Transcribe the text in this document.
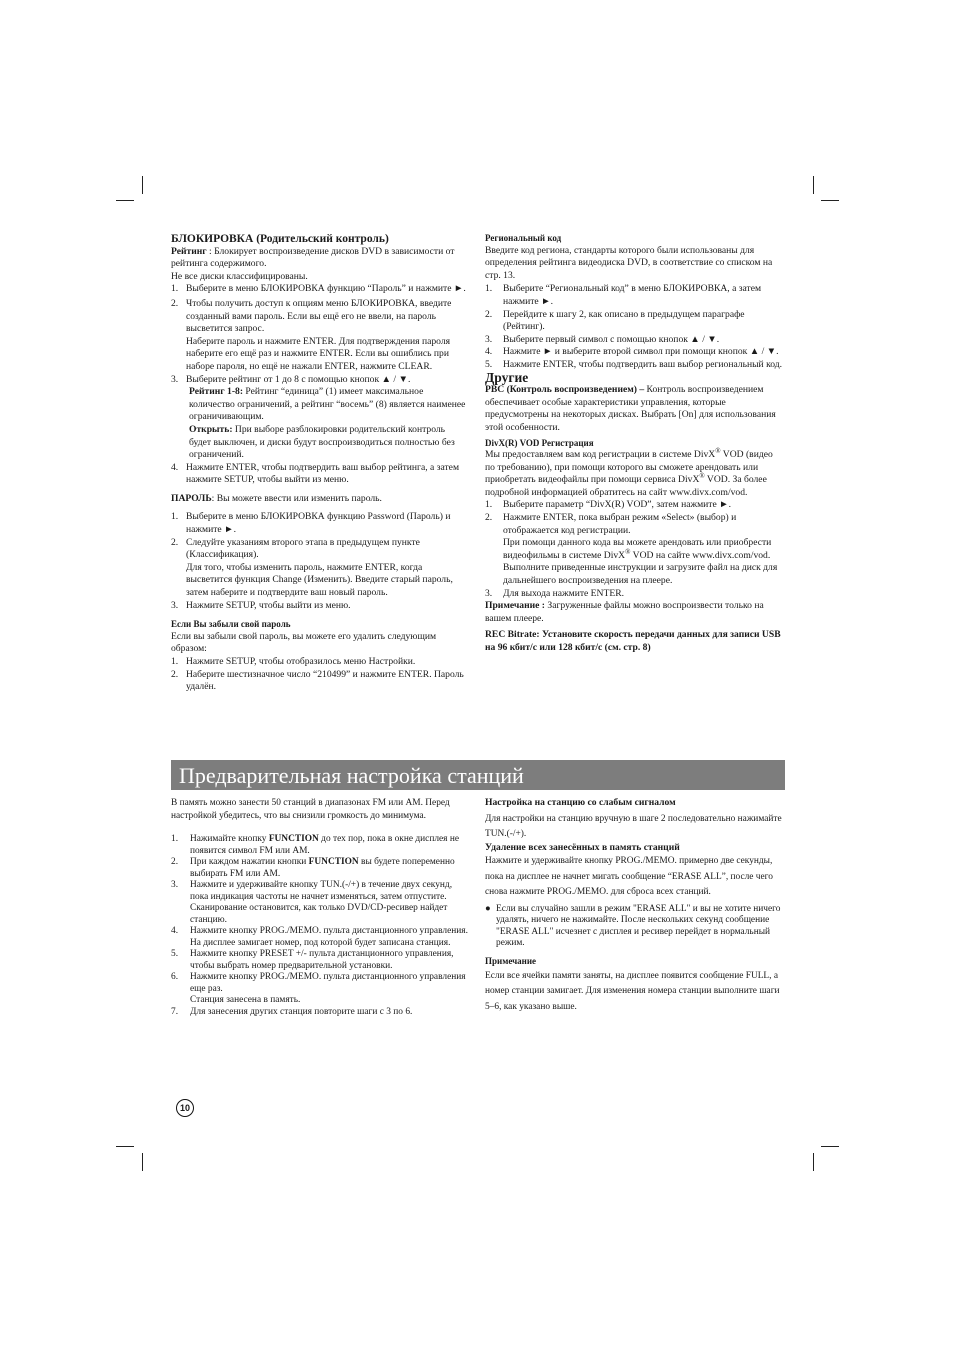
БЛОКИРОВКА (Родительский контроль)

Рейтинг : Блокирует воспроизведение дисков DVD в зависимости от рейтинга содержимого.

Не все диски классифицированы.

1. Выберите в меню БЛОКИРОВКА функцию “Пароль” и нажмите ►.
2. Чтобы получить доступ к опциям меню БЛОКИРОВКА, введите созданный вами пароль. Если вы ещё его не ввели, на пароль высветится запрос.

Наберите пароль и нажмите ENTER. Для подтверждения пароля наберите его ещё раз и нажмите ENTER. Если вы ошиблись при наборе пароля, но ещё не нажали ENTER, нажмите CLEAR.

3. Выберите рейтинг от 1 до 8 с помощью кнопок ▲ / ▼.

Рейтинг 1-8: Рейтинг “единица” (1) имеет максимальное количество ограничений, а рейтинг “восемь” (8) является наименее ограничивающим.

Открыть: При выборе разблокировки родительский контроль будет выключен, и диски будут воспроизводиться полностью без ограничений.

4. Нажмите ENTER, чтобы подтвердить ваш выбор рейтинга, а затем нажмите SETUP, чтобы выйти из меню.

ПАРОЛЬ: Вы можете ввести или изменить пароль.

1. Выберите в меню БЛОКИРОВКА функцию Password (Пароль) и нажмите ►.
2. Следуйте указаниям второго этапа в предыдущем пункте (Классификация).

Для того, чтобы изменить пароль, нажмите ENTER, когда высветится функция Change (Изменить). Введите старый пароль, затем наберите и подтвердите ваш новый пароль.

3. Нажмите SETUP, чтобы выйти из меню.

Если Вы забыли свой пароль

Если вы забыли свой пароль, вы можете его удалить следующим образом:

1. Нажмите SETUP, чтобы отобразилось меню Настройки.
2. Наберите шестизначное число “210499” и нажмите ENTER. Пароль удалён.

Региональный код

Введите код региона, стандарты которого были использованы для определения рейтинга видеодиска DVD, в соответствие со списком на стр. 13.

1. Выберите “Региональный код” в меню БЛОКИРОВКА, а затем нажмите ►.
2. Перейдите к шагу 2, как описано в предыдущем параграфе (Рейтинг).
3. Выберите первый символ с помощью кнопок ▲ / ▼.
4. Нажмите ► и выберите второй символ при помощи кнопок ▲ / ▼.
5. Нажмите ENTER, чтобы подтвердить ваш выбор региональный код.

Другие

PBC (Контроль воспроизведением) – Контроль воспроизведением обеспечивает особые характеристики управления, которые предусмотрены на некоторых дисках. Выбрать [On] для использования этой особенности.

DivX(R) VOD Регистрация

Мы предоставляем вам код регистрации в системе DivX® VOD (видео по требованию), при помощи которого вы сможете арендовать или приобретать видеофайлы при помощи сервиса DivX® VOD. За более подробной информацией обратитесь на сайт www.divx.com/vod.

1. Выберите параметр “DivX(R) VOD”, затем нажмите ►.
2. Нажмите ENTER, пока выбран режим «Select» (выбор) и отображается код регистрации.

При помощи данного кода вы можете арендовать или приобрести видеофильмы в системе DivX® VOD на сайте www.divx.com/vod. Выполните приведенные инструкции и загрузите файл на диск для дальнейшего воспроизведения на плеере.

3. Для выхода нажмите ENTER.

Примечание : Загруженные файлы можно воспроизвести только на вашем плеере.

REC Bitrate: Установите скорость передачи данных для записи USB на 96 кбит/с или 128 кбит/с (см. стр. 8)

Предварительная настройка станций

В память можно занести 50 станций в диапазонах FM или AM. Перед настройкой убедитесь, что вы снизили громкость до минимума.

1. Нажимайте кнопку FUNCTION до тех пор, пока в окне дисплея не появится символ FM или AM.
2. При каждом нажатии кнопки FUNCTION вы будете попеременно выбирать FM или AM.
3. Нажмите и удерживайте кнопку TUN.(-/+) в течение двух секунд, пока индикация частоты не начнет изменяться, затем отпустите.

Сканирование остановится, как только DVD/CD-ресивер найдет станцию.

4. Нажмите кнопку PROG./MEMO. пульта дистанционного управления.

На дисплее замигает номер, под которой будет записана станция.

5. Нажмите кнопку PRESET +/- пульта дистанционного управления, чтобы выбрать номер предварительной установки.
6. Нажмите кнопку PROG./MEMO. пульта дистанционного управления еще раз.

Станция занесена в память.

7. Для занесения других станция повторите шаги с 3 по 6.

Настройка на станцию со слабым сигналом

Для настройки на станцию вручную в шаге 2 последовательно нажимайте TUN.(-/+).

Удаление всех занесённых в память станций

Нажмите и удерживайте кнопку PROG./MEMO. примерно две секунды, пока на дисплее не начнет мигать сообщение “ERASE ALL”, после чего снова нажмите PROG./MEMO. для сброса всех станций.

● Если вы случайно зашли в режим "ERASE ALL" и вы не хотите ничего удалять, ничего не нажимайте. После нескольких секунд сообщение "ERASE ALL" исчезнет с дисплея и ресивер перейдет в нормальный режим.

Примечание

Если все ячейки памяти заняты, на дисплее появится сообщение FULL, а номер станции замигает. Для изменения номера станции выполните шаги 5–6, как указано выше.

10
